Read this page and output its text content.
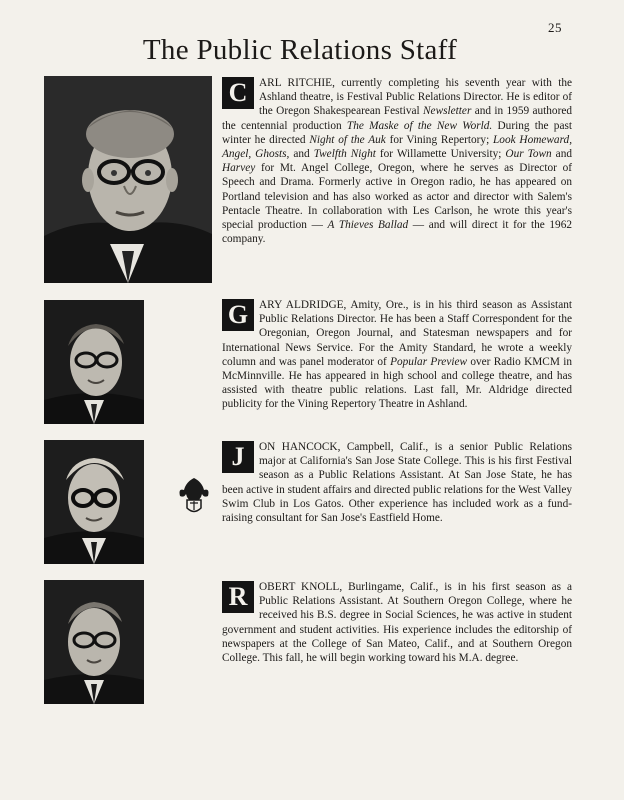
25
The Public Relations Staff
C	ARL RITCHIE, currently completing his seventh year with the Ashland theatre, is Festival Public Relations Director. He is editor of the Oregon Shakespearean Festival Newsletter and in 1959 authored the centennial production The Maske of the New World. During the past winter he directed Night of the Auk for Vining Repertory; Look Homeward, Angel, Ghosts, and Twelfth Night for Willamette University; Our Town and Harvey for Mt. Angel College, Oregon, where he serves as Director of Speech and Drama. Formerly active in Oregon radio, he has appeared on Portland television and has also worked as actor and director with Salem's Pentacle Theatre. In collaboration with Les Carlson, he wrote this year's special production — A Thieves Ballad — and will direct it for the 1962 company.
G ARY ALDRIDGE, Amity, Ore., is in his third season as Assistant Public Relations Director. He has been a Staff Correspondent for the Oregonian, Oregon Journal, and Statesman newspapers and for International News Service. For the Amity Standard, he wrote a weekly column and was panel moderator of Popular Preview over Radio KMCM in McMinnville. He has appeared in high school and college theatre, and has assisted with theatre public relations. Last fall, Mr. Aldridge directed publicity for the Vining Repertory Theatre in Ashland.
J	ON HANCOCK, Campbell, Calif., is a senior Public Relations major at California's San Jose State College. This is his first Festival season as a Public Relations Assistant. At San Jose State, he has been active in student affairs and directed public relations for the West Valley Swim Club in Los Gatos. Other experience has included work as a fund-raising consultant for San Jose's Eastfield Home.
R	OBERT KNOLL, Burlingame, Calif., is in his first season as a Public Relations Assistant. At Southern Oregon College, where he received his B.S. degree in Social Sciences, he was active in student government and student activities. His experience includes the editorship of newspapers at the College of San Mateo, Calif., and at Southern Oregon College. This fall, he will begin working toward his M.A. degree.
